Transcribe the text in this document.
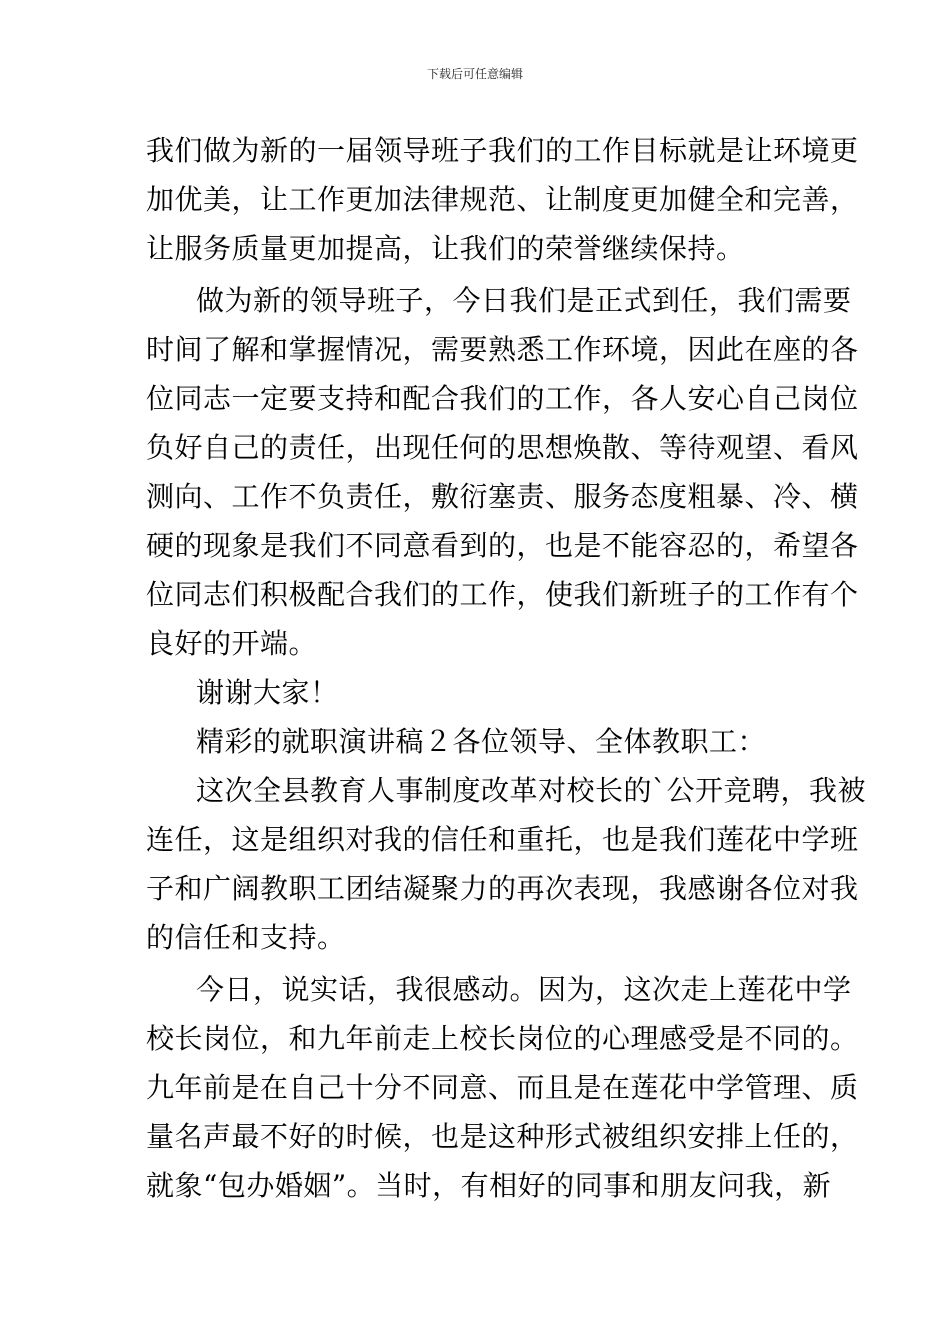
下载后可任意编辑
我们做为新的一届领导班子我们的工作目标就是让环境更
加优美，让工作更加法律规范、让制度更加健全和完善，
让服务质量更加提高，让我们的荣誉继续保持。
做为新的领导班子，今日我们是正式到任，我们需要
时间了解和掌握情况，需要熟悉工作环境，因此在座的各
位同志一定要支持和配合我们的工作，各人安心自己岗位
负好自己的责任，出现任何的思想焕散、等待观望、看风
测向、工作不负责任，敷衍塞责、服务态度粗暴、冷、横
硬的现象是我们不同意看到的，也是不能容忍的，希望各
位同志们积极配合我们的工作，使我们新班子的工作有个
良好的开端。
谢谢大家！
精彩的就职演讲稿２各位领导、全体教职工：
这次全县教育人事制度改革对校长的`公开竞聘，我被
连任，这是组织对我的信任和重托，也是我们莲花中学班
子和广阔教职工团结凝聚力的再次表现，我感谢各位对我
的信任和支持。
今日，说实话，我很感动。因为，这次走上莲花中学
校长岗位，和九年前走上校长岗位的心理感受是不同的。
九年前是在自己十分不同意、而且是在莲花中学管理、质
量名声最不好的时候，也是这种形式被组织安排上任的，
就象“包办婚姻”。当时，有相好的同事和朋友问我，新
